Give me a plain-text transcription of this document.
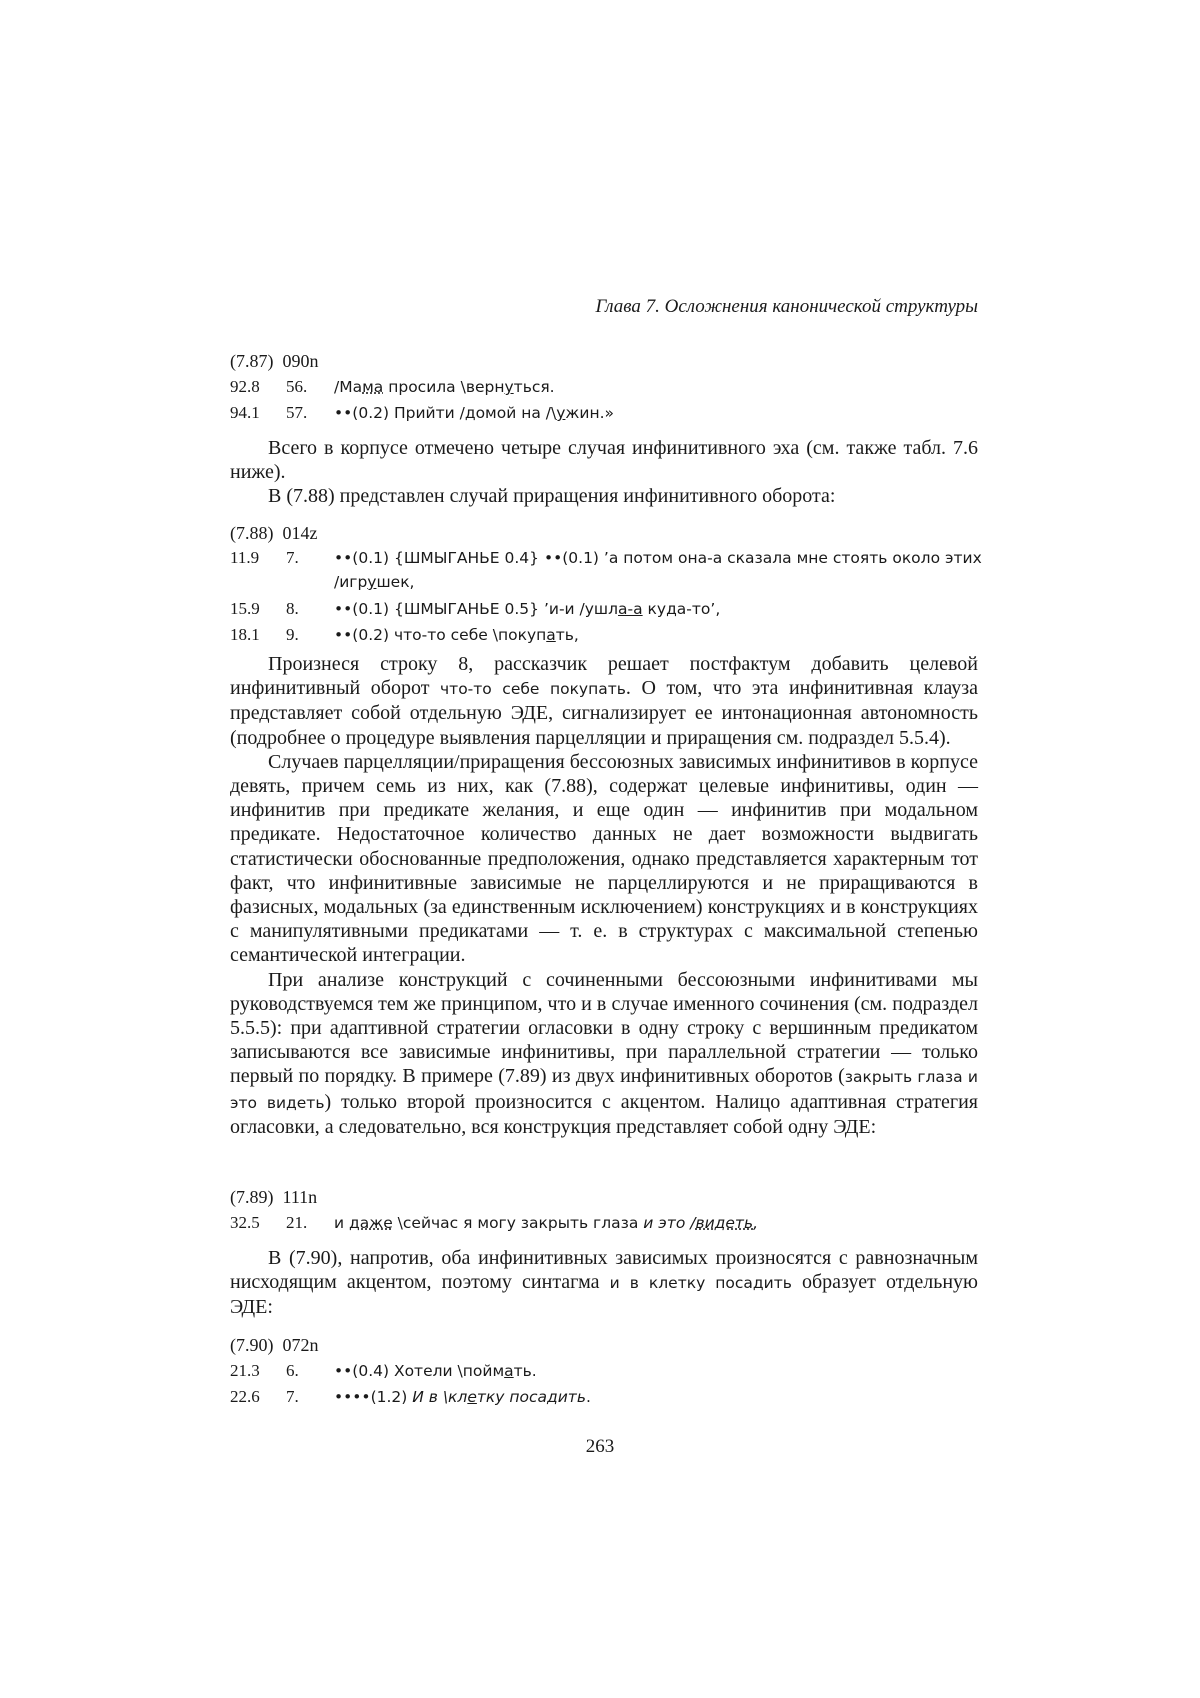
Глава 7. Осложнения канонической структуры
(7.87) 090n
92.8	56.	/Мама просила \вернуться.
94.1	57.	••(0.2) Прийти /домой на /\ужин.»

Всего в корпусе отмечено четыре случая инфинитивного эха (см. также табл. 7.6 ниже).

В (7.88) представлен случай приращения инфинитивного оборота:

(7.88) 014z
11.9	7.	••(0.1) {ШМЫГАНЬЕ 0.4} ••(0.1) ’а потом она-а сказала мне стоять около этих
/игрушек,
15.9	8.	••(0.1) {ШМЫГАНЬЕ 0.5} ’и-и /ушла-а куда-то’,
18.1	9.	••(0.2) что-то себе \покупать,

Произнеся строку 8, рассказчик решает постфактум добавить целевой инфинитивный оборот что-то себе покупать. О том, что эта инфинитивная клауза представляет собой отдельную ЭДЕ, сигнализирует ее интонационная автономность (подробнее о процедуре выявления парцелляции и приращения см. подраздел 5.5.4).

Случаев парцелляции/приращения бессоюзных зависимых инфинитивов в корпусе девять, причем семь из них, как (7.88), содержат целевые инфинитивы, один — инфинитив при предикате желания, и еще один — инфинитив при модальном предикате. Недостаточное количество данных не дает возможности выдвигать статистически обоснованные предположения, однако представляется характерным тот факт, что инфинитивные зависимые не парцеллируются и не приращиваются в фазисных, модальных (за единственным исключением) конструкциях и в конструкциях с манипулятивными предикатами — т. е. в структурах с максимальной степенью семантической интеграции.

При анализе конструкций с сочиненными бессоюзными инфинитивами мы руководствуемся тем же принципом, что и в случае именного сочинения (см. подраздел 5.5.5): при адаптивной стратегии огласовки в одну строку с вершинным предикатом записываются все зависимые инфинитивы, при параллельной стратегии — только первый по порядку. В примере (7.89) из двух инфинитивных оборотов (закрыть глаза и это видеть) только второй произносится с акцентом. Налицо адаптивная стратегия огласовки, а следовательно, вся конструкция представляет собой одну ЭДЕ:

(7.89) 111n
32.5	21.	и даже \сейчас я могу закрыть глаза и это /видеть,

В (7.90), напротив, оба инфинитивных зависимых произносятся с равнозначным нисходящим акцентом, поэтому синтагма и в клетку посадить образует отдельную ЭДЕ:

(7.90) 072n
21.3	6.	••(0.4) Хотели \поймать.
22.6	7.	••••(1.2) И в \клетку посадить.
263
